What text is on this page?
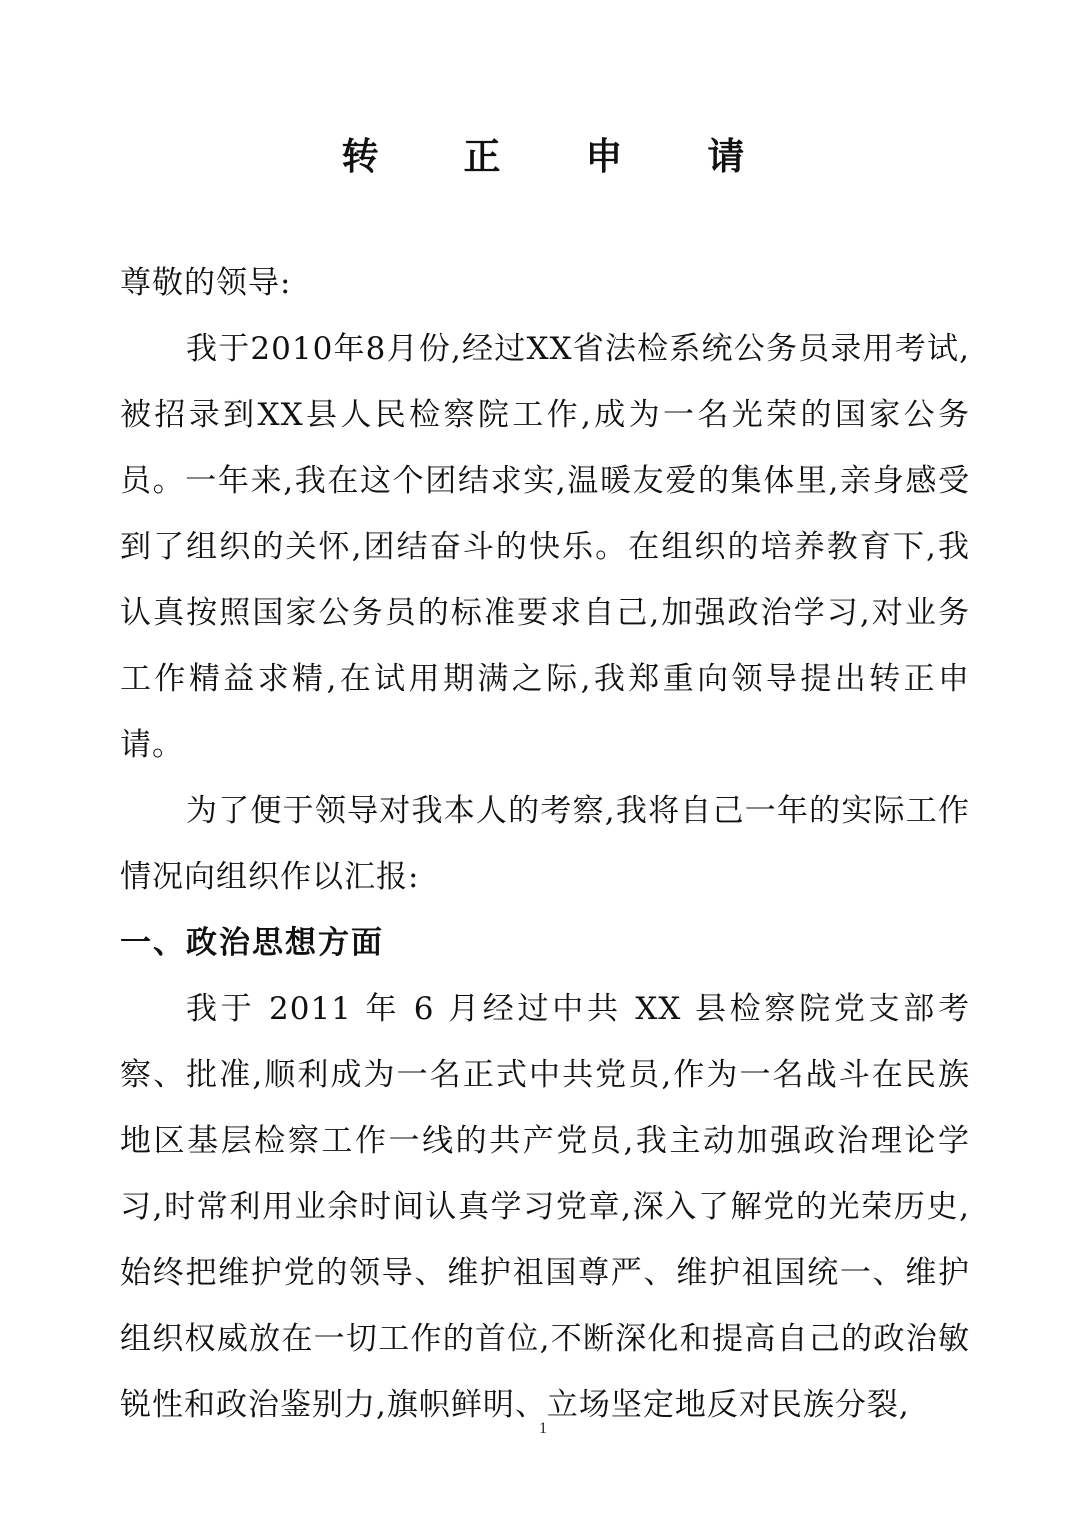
转 正 申 请

尊敬的领导:

我于2010年8月份,经过XX省法检系统公务员录用考试,被招录到XX县人民检察院工作,成为一名光荣的国家公务员。一年来,我在这个团结求实,温暖友爱的集体里,亲身感受到了组织的关怀,团结奋斗的快乐。在组织的培养教育下,我认真按照国家公务员的标准要求自己,加强政治学习,对业务工作精益求精,在试用期满之际,我郑重向领导提出转正申请。

为了便于领导对我本人的考察,我将自己一年的实际工作情况向组织作以汇报:

一、政治思想方面

我于 2011 年 6 月经过中共 XX 县检察院党支部考察、批准,顺利成为一名正式中共党员,作为一名战斗在民族地区基层检察工作一线的共产党员,我主动加强政治理论学习,时常利用业余时间认真学习党章,深入了解党的光荣历史,始终把维护党的领导、维护祖国尊严、维护祖国统一、维护组织权威放在一切工作的首位,不断深化和提高自己的政治敏锐性和政治鉴别力,旗帜鲜明、立场坚定地反对民族分裂,

1
